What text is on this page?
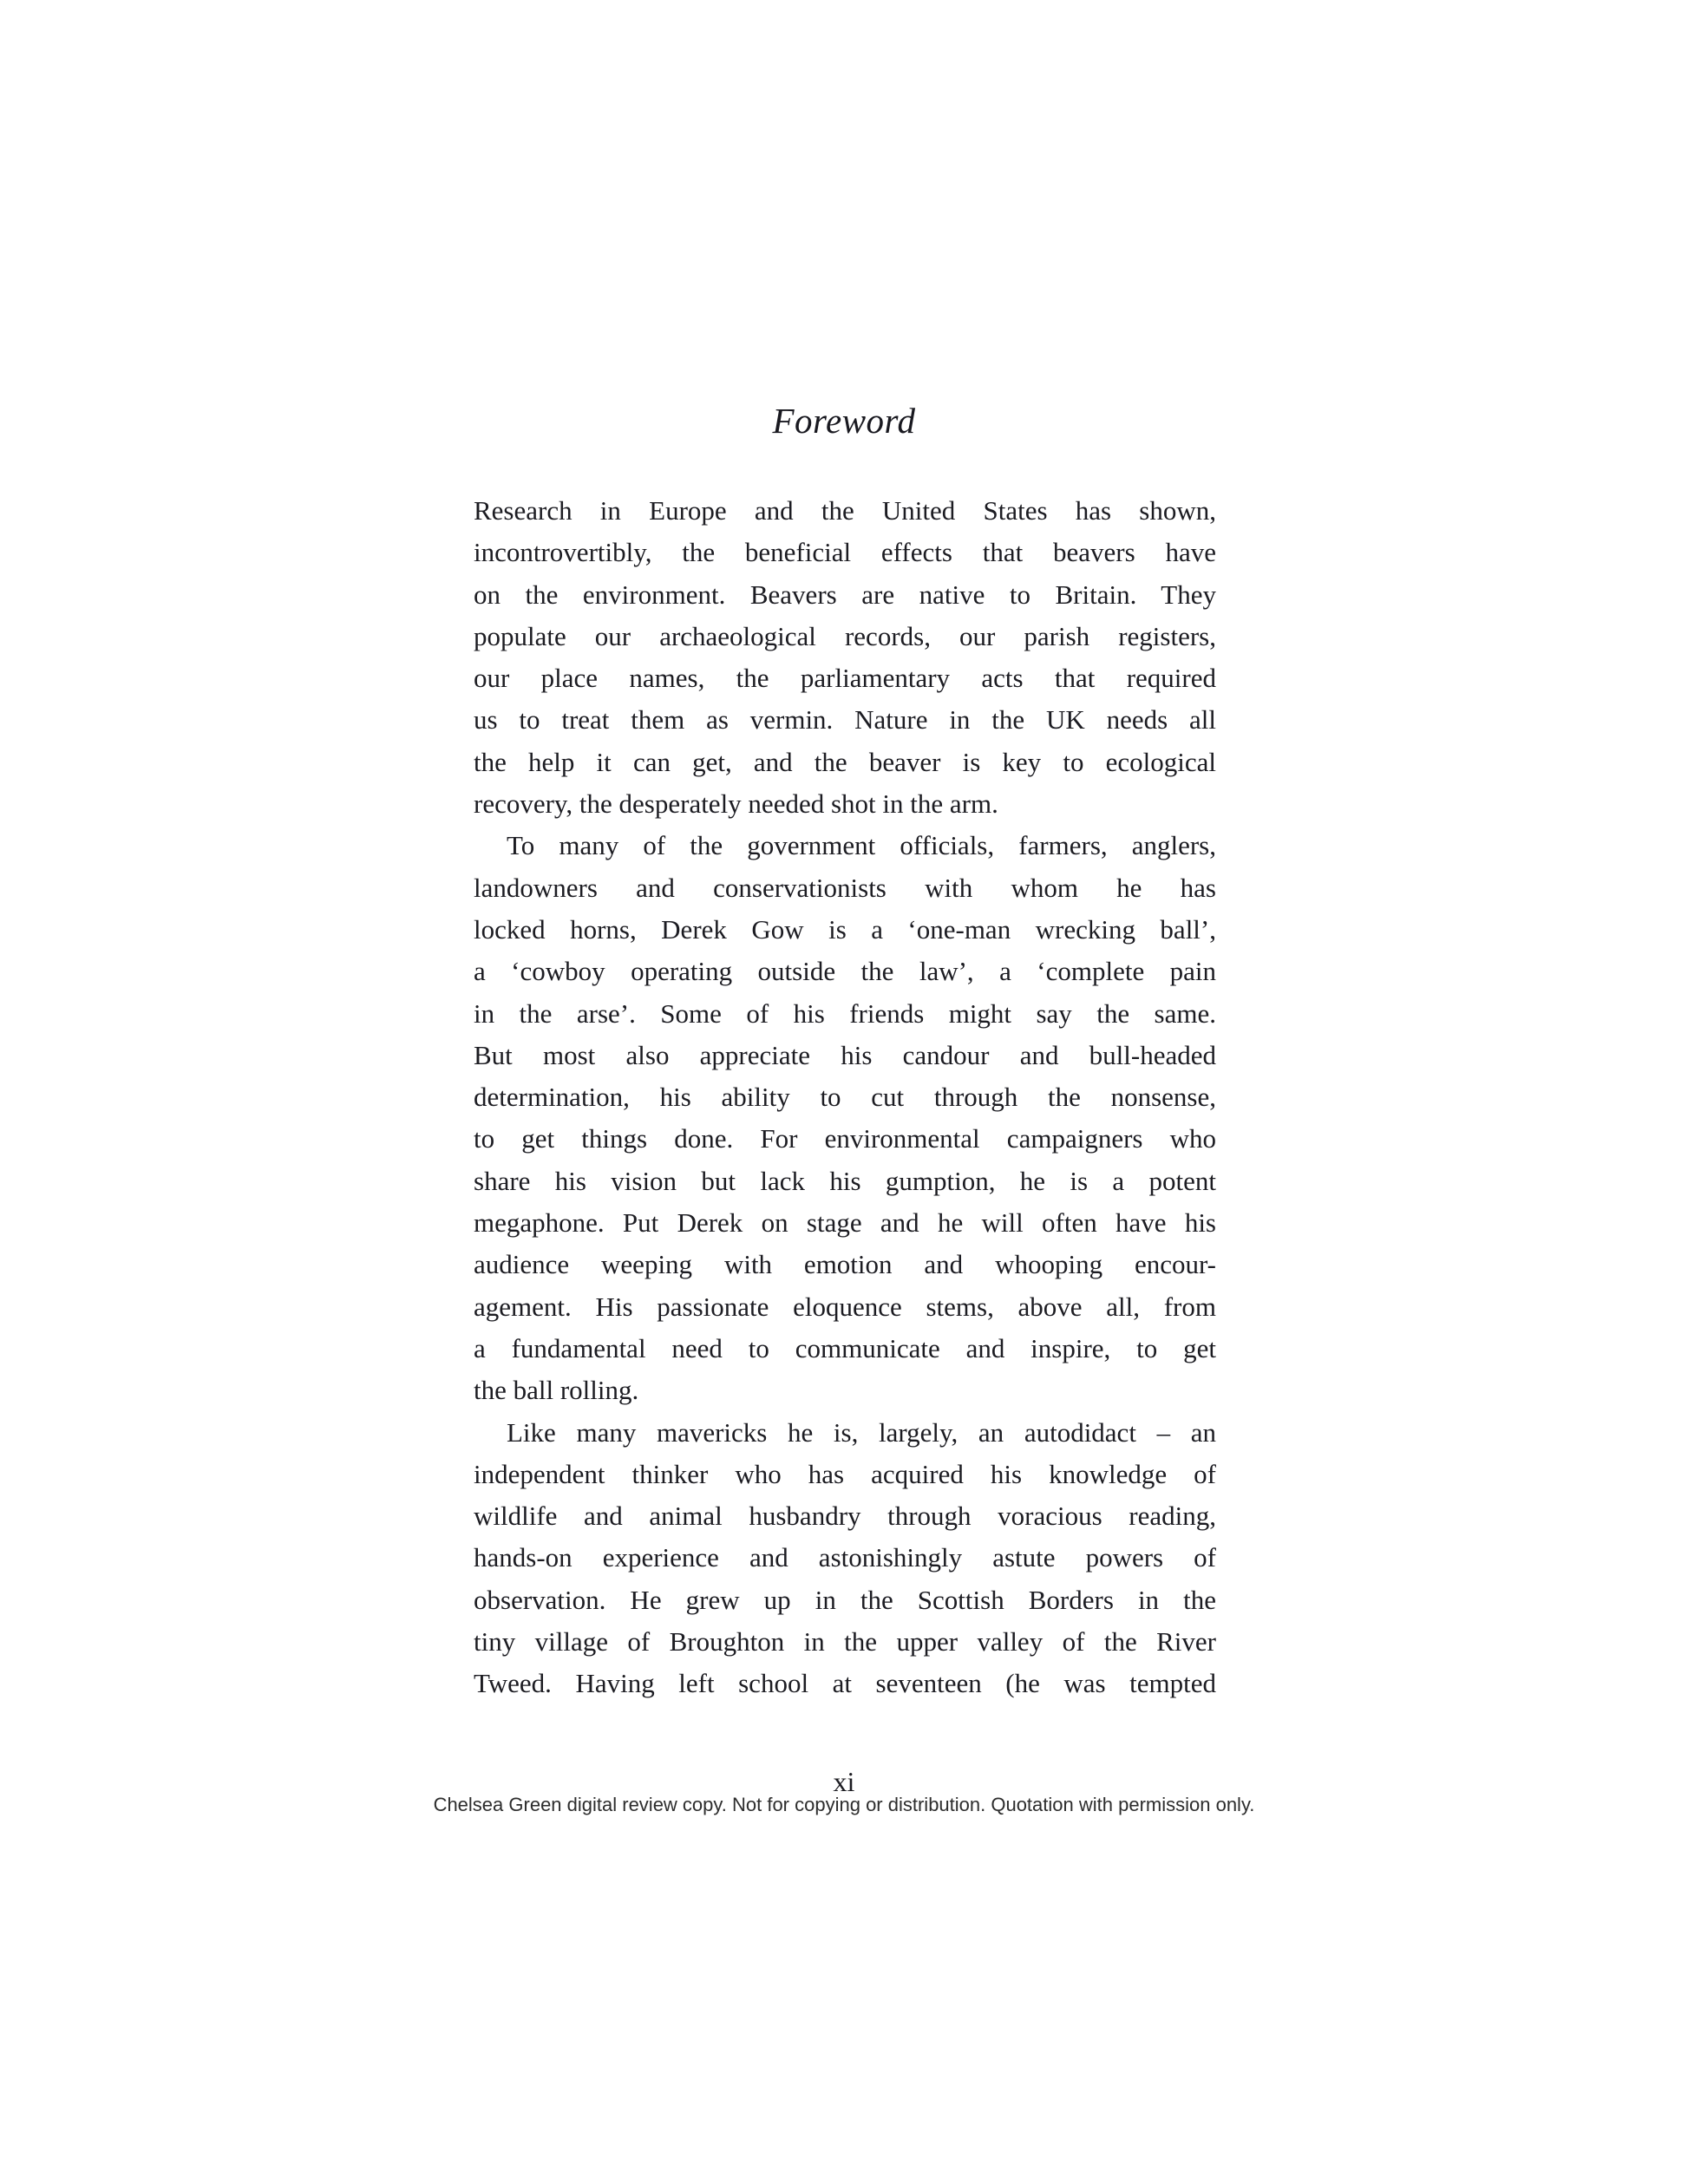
Foreword
Research in Europe and the United States has shown,
incontrovertibly, the beneficial effects that beavers have
on the environment. Beavers are native to Britain. They
populate our archaeological records, our parish registers,
our place names, the parliamentary acts that required
us to treat them as vermin. Nature in the UK needs all
the help it can get, and the beaver is key to ecological
recovery, the desperately needed shot in the arm.
To many of the government officials, farmers, anglers,
landowners and conservationists with whom he has
locked horns, Derek Gow is a ‘one-man wrecking ball’,
a ‘cowboy operating outside the law’, a ‘complete pain
in the arse’. Some of his friends might say the same.
But most also appreciate his candour and bull-headed
determination, his ability to cut through the nonsense,
to get things done. For environmental campaigners who
share his vision but lack his gumption, he is a potent
megaphone. Put Derek on stage and he will often have his
audience weeping with emotion and whooping encour-
agement. His passionate eloquence stems, above all, from
a fundamental need to communicate and inspire, to get
the ball rolling.
Like many mavericks he is, largely, an autodidact – an
independent thinker who has acquired his knowledge of
wildlife and animal husbandry through voracious reading,
hands-on experience and astonishingly astute powers of
observation. He grew up in the Scottish Borders in the
tiny village of Broughton in the upper valley of the River
Tweed. Having left school at seventeen (he was tempted
xi
Chelsea Green digital review copy. Not for copying or distribution. Quotation with permission only.
